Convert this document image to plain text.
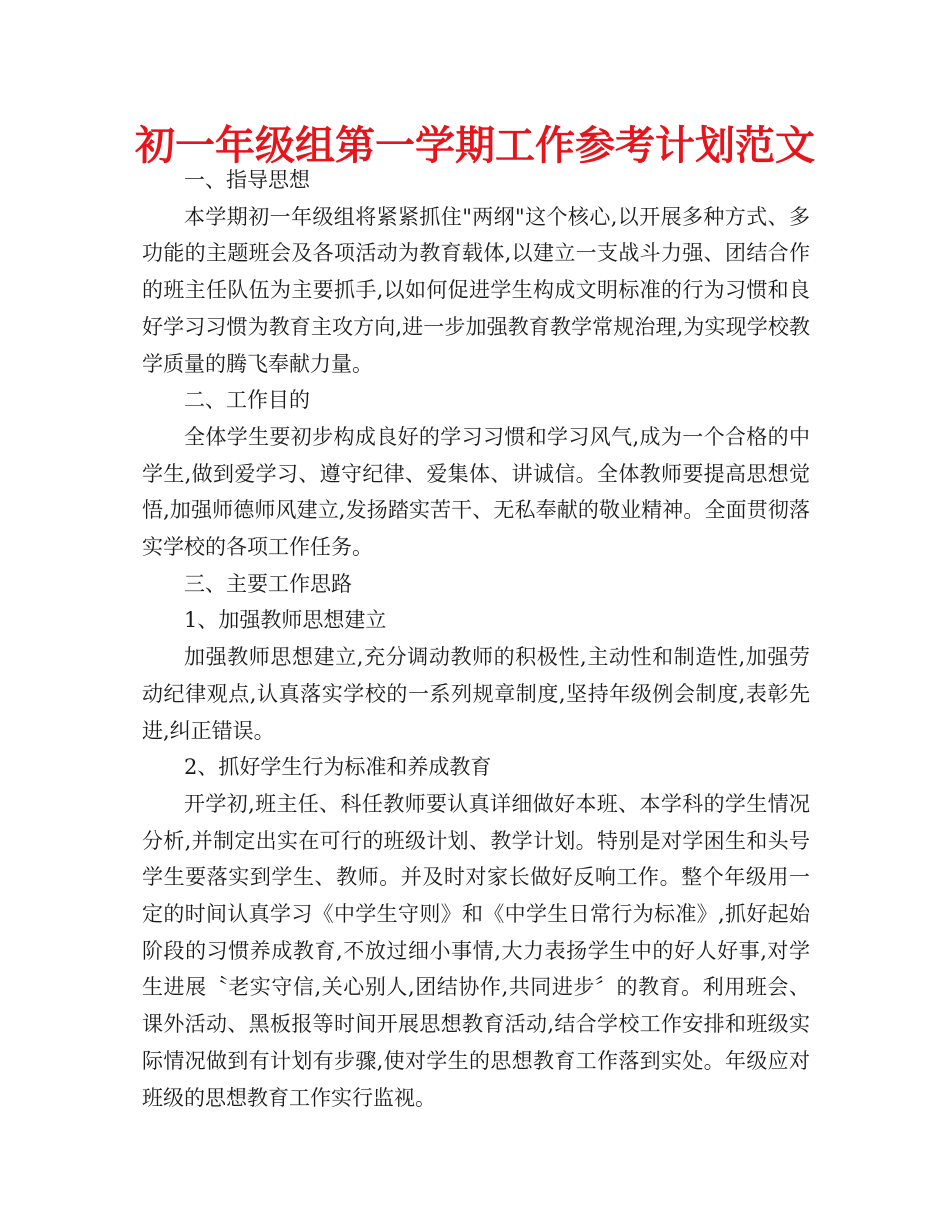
初一年级组第一学期工作参考计划范文

一、指导思想

本学期初一年级组将紧紧抓住"两纲"这个核心,以开展多种方式、多功能的主题班会及各项活动为教育载体,以建立一支战斗力强、团结合作的班主任队伍为主要抓手,以如何促进学生构成文明标准的行为习惯和良好学习习惯为教育主攻方向,进一步加强教育教学常规治理,为实现学校教学质量的腾飞奉献力量。

二、工作目的

全体学生要初步构成良好的学习习惯和学习风气,成为一个合格的中学生,做到爱学习、遵守纪律、爱集体、讲诚信。全体教师要提高思想觉悟,加强师德师风建立,发扬踏实苦干、无私奉献的敬业精神。全面贯彻落实学校的各项工作任务。

三、主要工作思路

1、加强教师思想建立

加强教师思想建立,充分调动教师的积极性,主动性和制造性,加强劳动纪律观点,认真落实学校的一系列规章制度,坚持年级例会制度,表彰先进,纠正错误。

2、抓好学生行为标准和养成教育

开学初,班主任、科任教师要认真详细做好本班、本学科的学生情况分析,并制定出实在可行的班级计划、教学计划。特别是对学困生和头号学生要落实到学生、教师。并及时对家长做好反响工作。整个年级用一定的时间认真学习《中学生守则》和《中学生日常行为标准》,抓好起始阶段的习惯养成教育,不放过细小事情,大力表扬学生中的好人好事,对学生进展〝老实守信,关心别人,团结协作,共同进步〞的教育。利用班会、课外活动、黑板报等时间开展思想教育活动,结合学校工作安排和班级实际情况做到有计划有步骤,使对学生的思想教育工作落到实处。年级应对班级的思想教育工作实行监视。
